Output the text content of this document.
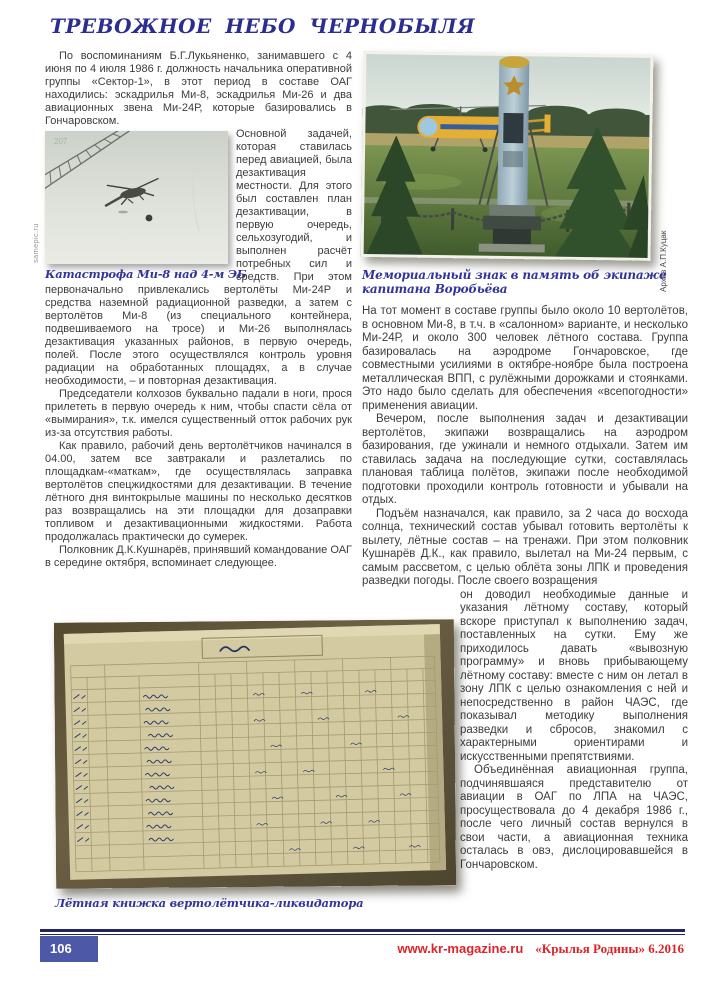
ТРЕВОЖНОЕ НЕБО ЧЕРНОБЫЛЯ
samepic.ru	Архив А.П.Куцак

По воспоминаниям Б.Г.Лукьяненко, занимавшего с 4 июня по 4 июля 1986 г. должность начальника оперативной группы «Сектор-1», в этот период в составе ОАГ находились: эскадрилья Ми-8, эскадрилья Ми-26 и два авиационных звена Ми-24Р, которые базировались в Гончаровском.

207
Катастрофа Ми-8 над 4-м ЭБ

Основной задачей, которая ставилась перед авиацией, была дезактивация местности. Для этого был составлен план дезактивации, в первую очередь, сельхозугодий, и выполнен расчёт потребных сил и средств. При этом первоначально привлекались вертолёты Ми-24Р и средства наземной радиационной разведки, а затем с вертолётов Ми-8 (из специального контейнера, подвешиваемого на тросе) и Ми-26 выполнялась дезактивация указанных районов, в первую очередь, полей. После этого осуществлялся контроль уровня радиации на обработанных площадях, а в случае необходимости, – и повторная дезактивация.

Председатели колхозов буквально падали в ноги, прося прилететь в первую очередь к ним, чтобы спасти сёла от «вымирания», т.к. имелся существенный отток рабочих рук из-за отсутствия работы.

Как правило, рабочий день вертолётчиков начинался в 04.00, затем все завтракали и разлетались по площадкам-«маткам», где осуществлялась заправка вертолётов спецжидкостями для дезактивации. В течение лётного дня винтокрылые машины по несколько десятков раз возвращались на эти площадки для дозаправки топливом и дезактивационными жидкостями. Работа продолжалась практически до сумерек.

Полковник Д.К.Кушнарёв, принявший командование ОАГ в середине октября, вспоминает следующее.

Мемориальный знак в память об экипаже капитана Воробьёва

На тот момент в составе группы было около 10 вертолётов, в основном Ми-8, в т.ч. в «салонном» варианте, и несколько Ми-24Р, и около 300 человек лётного состава. Группа базировалась на аэродроме Гончаровское, где совместными усилиями в октябре-ноябре была построена металлическая ВПП, с рулёжными дорожками и стоянками. Это надо было сделать для обеспечения «всепогодности» применения авиации.

Вечером, после выполнения задач и дезактивации вертолётов, экипажи возвращались на аэродром базирования, где ужинали и немного отдыхали. Затем им ставилась задача на последующие сутки, составлялась плановая таблица полётов, экипажи после необходимой подготовки проходили контроль готовности и убывали на отдых.

Подъём назначался, как правило, за 2 часа до восхода солнца, технический состав убывал готовить вертолёты к вылету, лётные состав – на тренажи. При этом полковник Кушнарёв Д.К., как правило, вылетал на Ми-24 первым, с самым рассветом, с целью облёта зоны ЛПК и проведения разведки погоды. После своего возращения

он доводил необходимые данные и указания лётному составу, который вскоре приступал к выполнению задач, поставленных на сутки. Ему же приходилось давать «вывозную программу» и вновь прибывающему лётному составу: вместе с ним он летал в зону ЛПК с целью ознакомления с ней и непосредственно в район ЧАЭС, где показывал методику выполнения разведки и сбросов, знакомил с характерными ориентирами и искусственными препятствиями.

Объединённая авиационная группа, подчинявшаяся представителю от авиации в ОАГ по ЛПА на ЧАЭС, просуществовала до 4 декабря 1986 г., после чего личный состав вернулся в свои части, а авиационная техника осталась в овэ, дислоцировавшейся в Гончаровском.

Лётная книжка вертолётчика-ликвидатора
106	www.kr-magazine.ru «Крылья Родины» 6.2016
